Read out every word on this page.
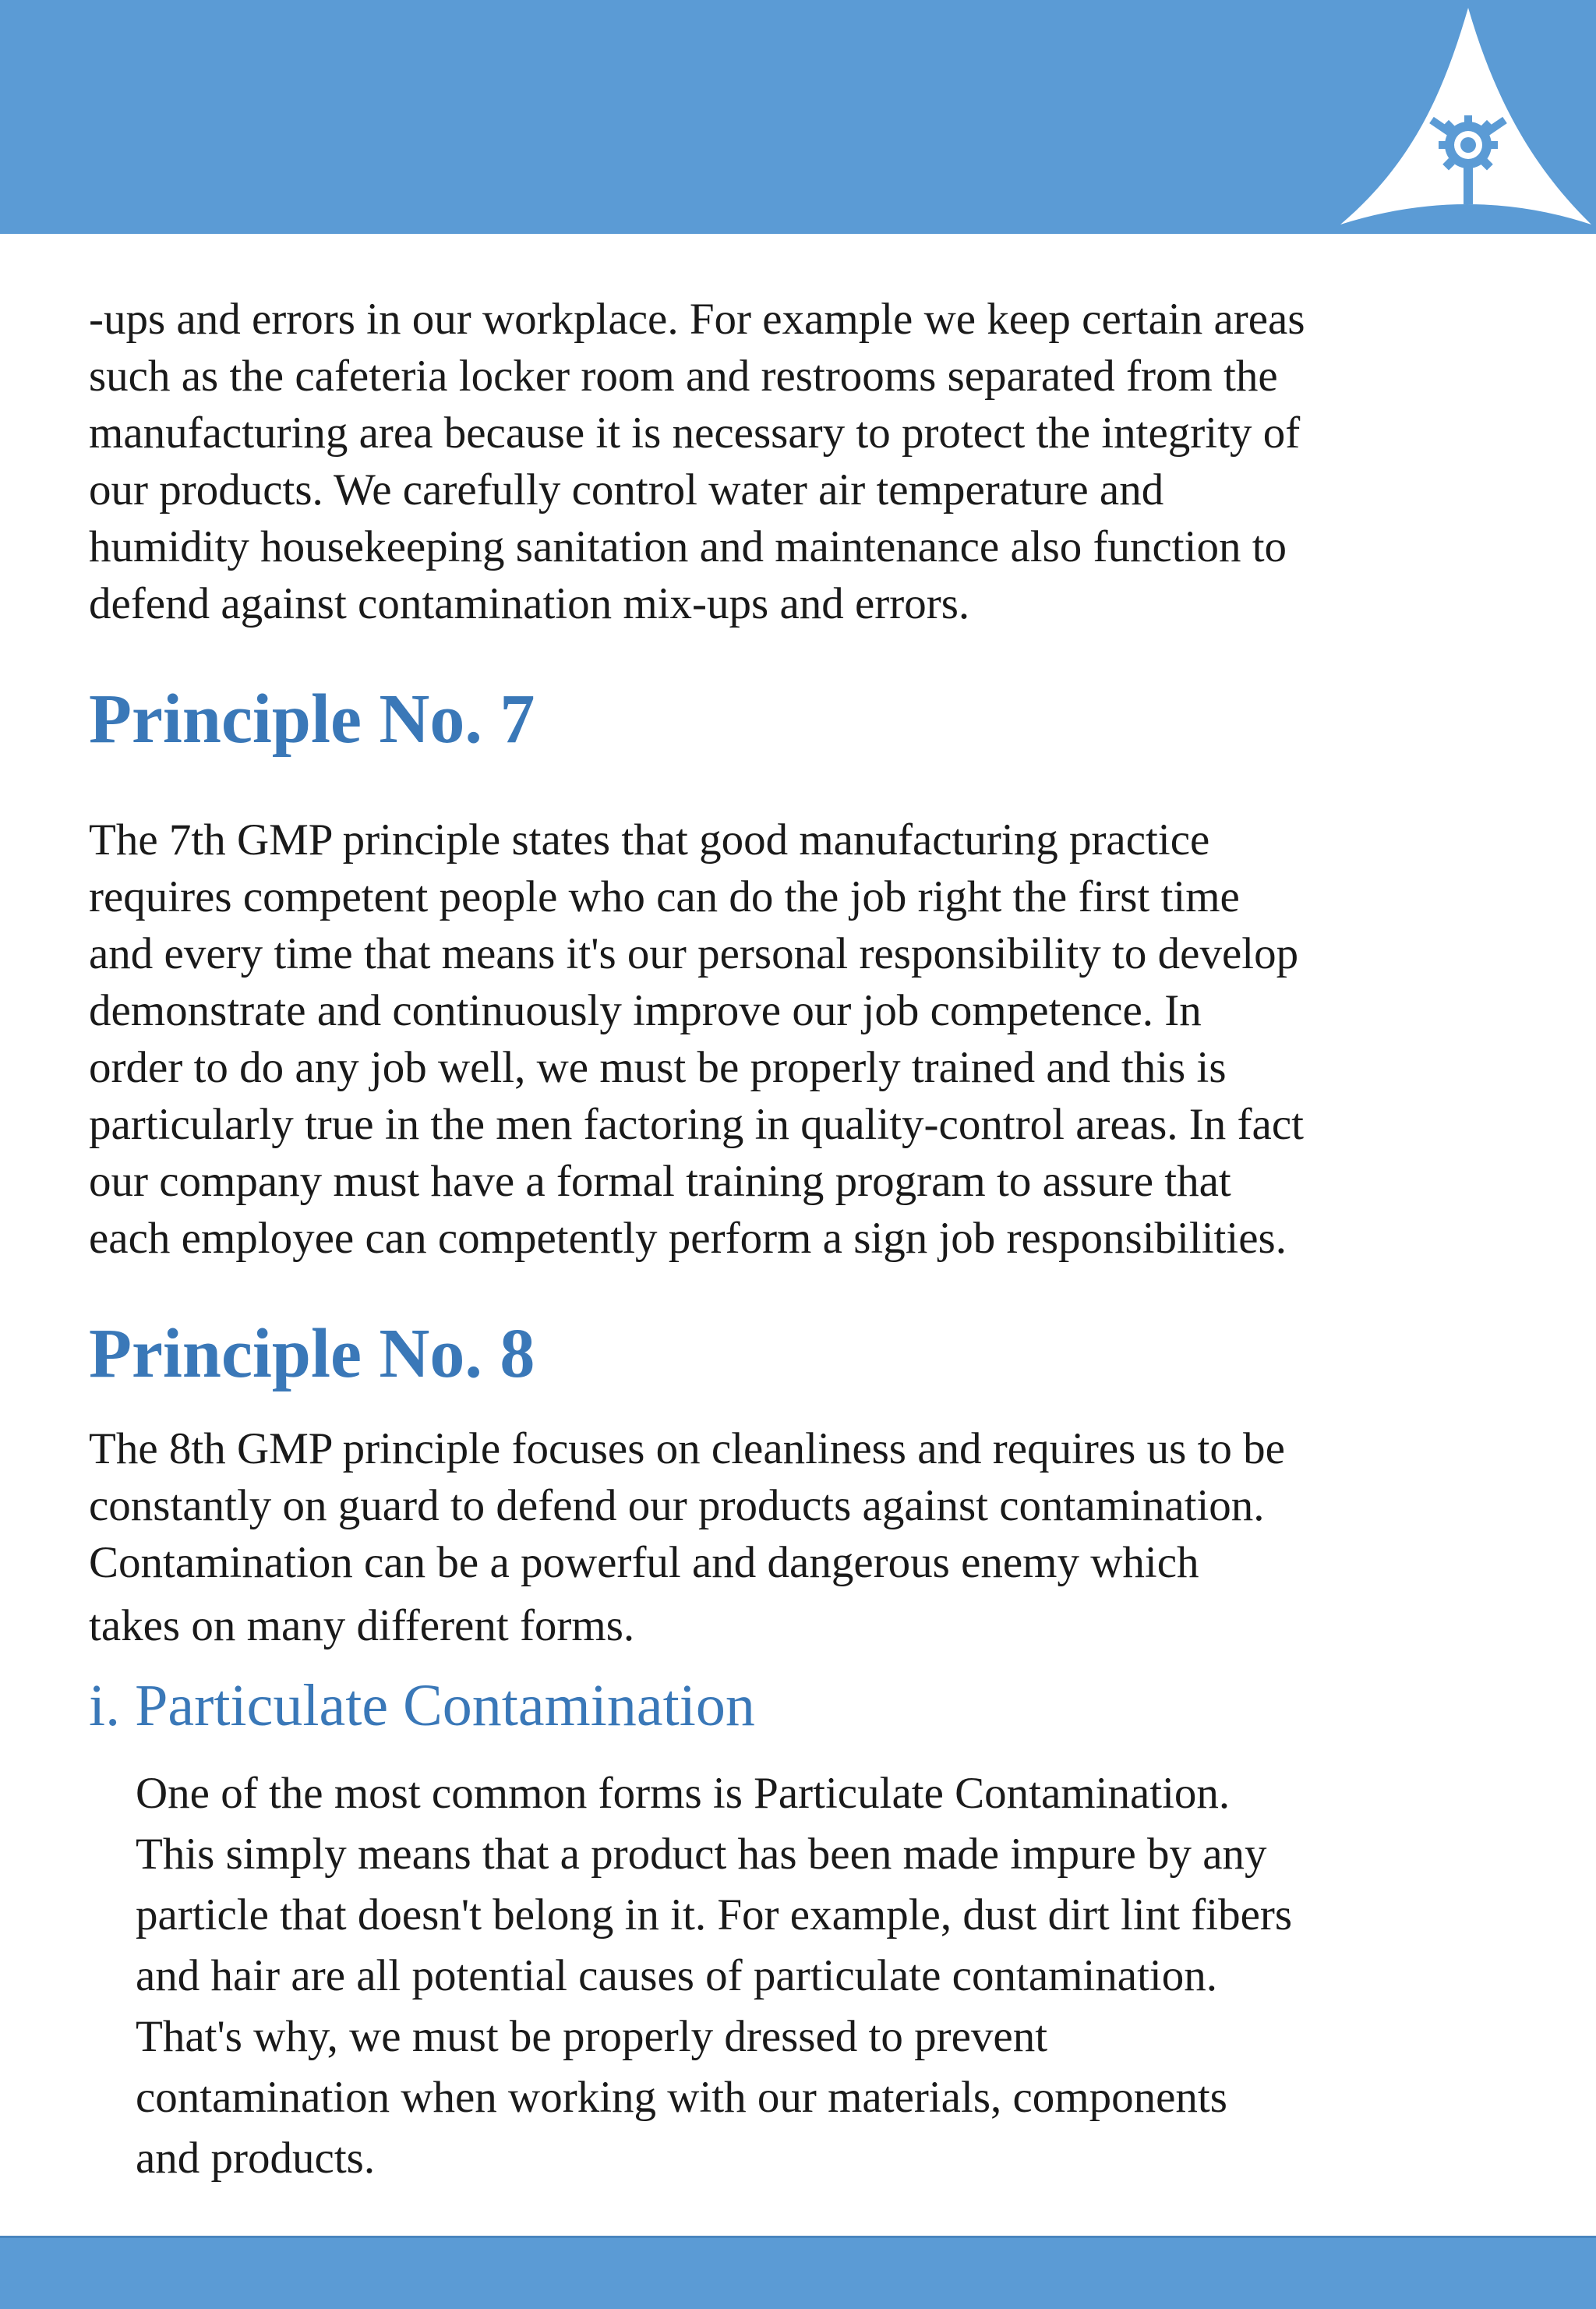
-ups and errors in our workplace. For example we keep certain areas
such as the cafeteria locker room and restrooms separated from the
manufacturing area because it is necessary to protect the integrity of
our products. We carefully control water air temperature and
humidity housekeeping sanitation and maintenance also function to
defend against contamination mix-ups and errors.

Principle No. 7

The 7th GMP principle states that good manufacturing practice
requires competent people who can do the job right the first time
and every time that means it's our personal responsibility to develop
demonstrate and continuously improve our job competence. In
order to do any job well, we must be properly trained and this is
particularly true in the men factoring in quality-control areas. In fact
our company must have a formal training program to assure that
each employee can competently perform a sign job responsibilities.

Principle No. 8

The 8th GMP principle focuses on cleanliness and requires us to be
constantly on guard to defend our products against contamination.
Contamination can be a powerful and dangerous enemy which
takes on many different forms.

i. Particulate Contamination

One of the most common forms is Particulate Contamination.
This simply means that a product has been made impure by any
particle that doesn't belong in it. For example, dust dirt lint fibers
and hair are all potential causes of particulate contamination.
That's why, we must be properly dressed to prevent
contamination when working with our materials, components
and products.
